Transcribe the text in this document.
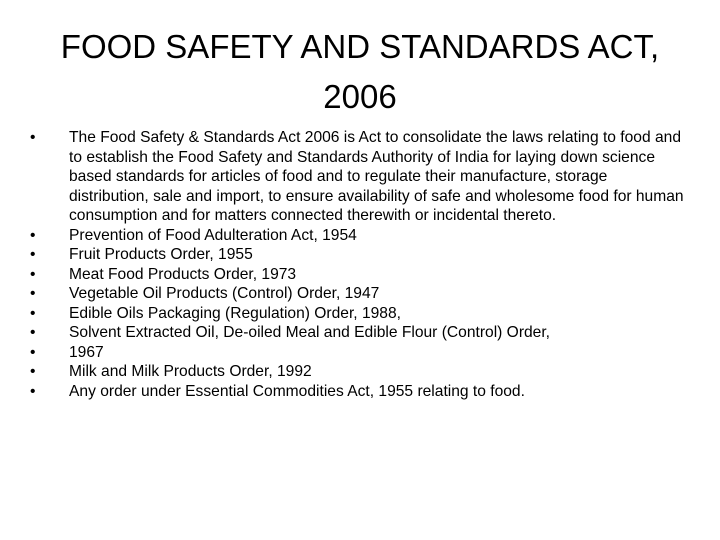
FOOD SAFETY AND STANDARDS ACT,
2006
•	The Food Safety & Standards Act 2006 is Act to consolidate the laws relating to food and to establish the Food Safety and Standards Authority of India for laying down science based standards for articles of food and to regulate their manufacture, storage distribution, sale and import, to ensure availability of safe and wholesome food for human consumption and for matters connected therewith or incidental thereto.
•	Prevention of Food Adulteration Act, 1954
•	Fruit Products Order, 1955
•	Meat Food Products Order, 1973
•	Vegetable Oil Products (Control) Order, 1947
•	Edible Oils Packaging (Regulation) Order, 1988,
•	Solvent Extracted Oil, De-oiled Meal and Edible Flour (Control) Order,
•	1967
•	Milk and Milk Products Order, 1992
•	Any order under Essential Commodities Act, 1955 relating to food.
